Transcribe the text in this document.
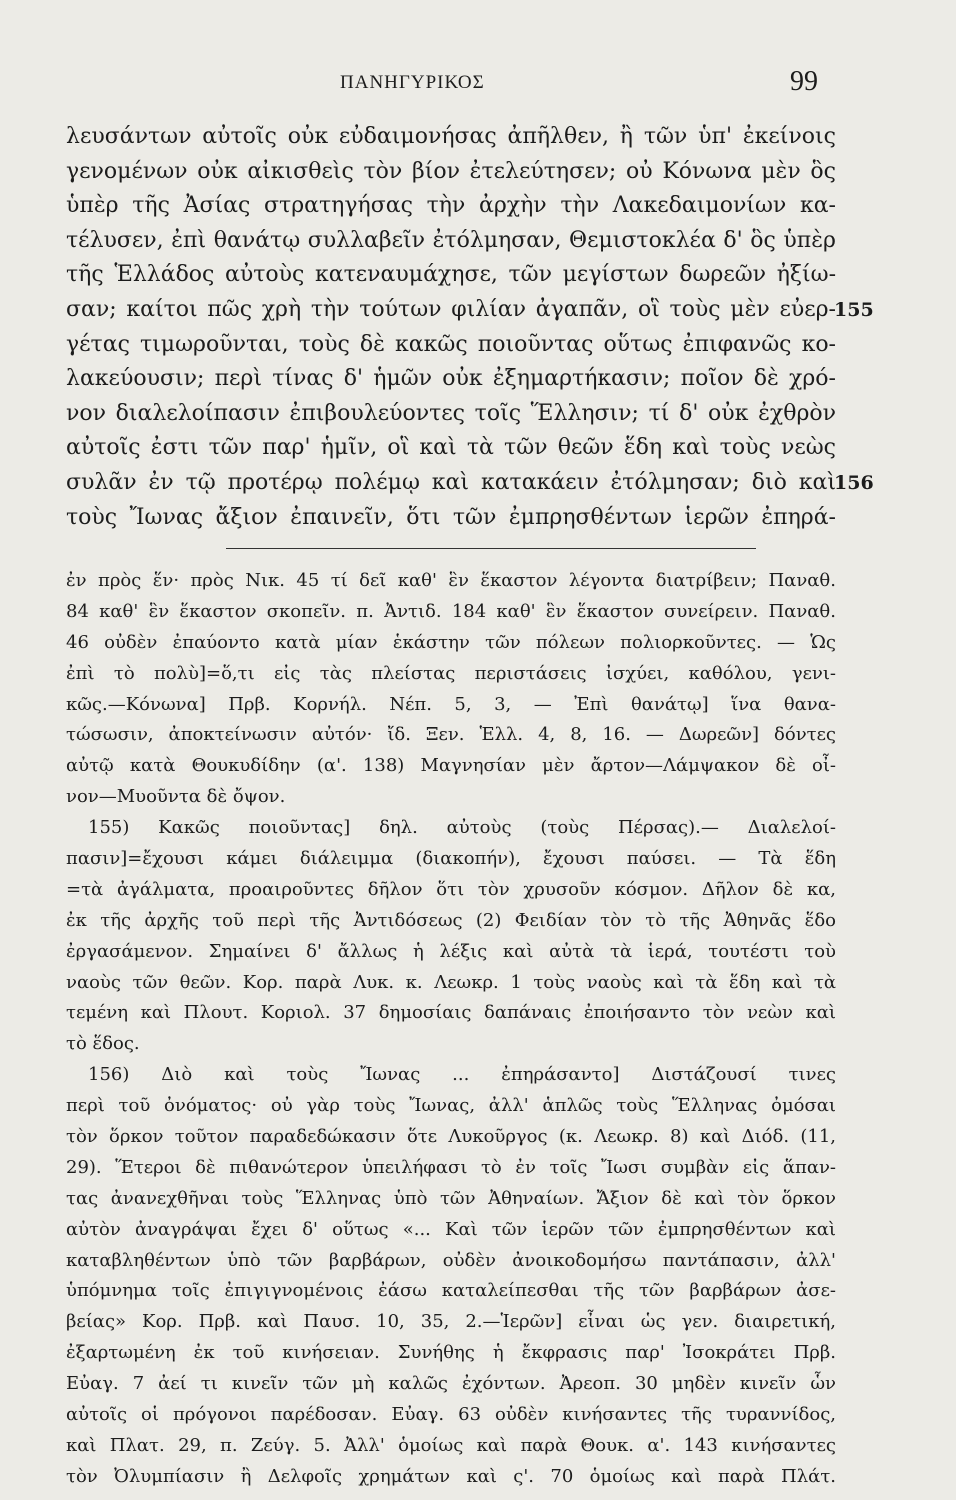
ΠΑΝΗΓΥΡΙΚΟΣ	99
λευσάντων αὐτοῖς οὐκ εὐδαιμονήσας ἀπῆλθεν, ἢ τῶν ὑπ' ἐκείνοις
γενομένων οὐκ αἰκισθεὶς τὸν βίον ἐτελεύτησεν; οὐ Κόνωνα μὲν ὃς
ὑπὲρ τῆς Ἀσίας στρατηγήσας τὴν ἀρχὴν τὴν Λακεδαιμονίων κα-
τέλυσεν, ἐπὶ θανάτῳ συλλαβεῖν ἐτόλμησαν, Θεμιστοκλέα δ' ὃς ὑπὲρ
τῆς Ἑλλάδος αὐτοὺς κατεναυμάχησε, τῶν μεγίστων δωρεῶν ἠξίω-
σαν; καίτοι πῶς χρὴ τὴν τούτων φιλίαν ἀγαπᾶν, οἳ τοὺς μὲν εὐερ-
γέτας τιμωροῦνται, τοὺς δὲ κακῶς ποιοῦντας οὕτως ἐπιφανῶς κο-
λακεύουσιν; περὶ τίνας δ' ἡμῶν οὐκ ἐξημαρτήκασιν; ποῖον δὲ χρό-
νον διαλελοίπασιν ἐπιβουλεύοντες τοῖς Ἕλλησιν; τί δ' οὐκ ἐχθρὸν
αὐτοῖς ἐστι τῶν παρ' ἡμῖν, οἳ καὶ τὰ τῶν θεῶν ἕδη καὶ τοὺς νεὼς
συλᾶν ἐν τῷ προτέρῳ πολέμῳ καὶ κατακάειν ἐτόλμησαν; διὸ καὶ
τοὺς Ἴωνας ἄξιον ἐπαινεῖν, ὅτι τῶν ἐμπρησθέντων ἱερῶν ἐπηρά-
155
156
ἐν πρὸς ἕν· πρὸς Νικ. 45 τί δεῖ καθ' ἓν ἕκαστον λέγοντα διατρίβειν; Παναθ.
84 καθ' ἓν ἕκαστον σκοπεῖν. π. Ἀντιδ. 184 καθ' ἓν ἕκαστον συνείρειν. Παναθ.
46 οὐδὲν ἐπαύοντο κατὰ μίαν ἑκάστην τῶν πόλεων πολιορκοῦντες. — Ὡς
ἐπὶ τὸ πολὺ]=ὅ,τι εἰς τὰς πλείστας περιστάσεις ἰσχύει, καθόλου, γενι-
κῶς.—Κόνωνα] Πρβ. Κορνήλ. Νέπ. 5, 3, — Ἐπὶ θανάτῳ] ἵνα θανα-
τώσωσιν, ἀποκτείνωσιν αὐτόν· ἴδ. Ξεν. Ἑλλ. 4, 8, 16. — Δωρεῶν] δόντες
αὐτῷ κατὰ Θουκυδίδην (α'. 138) Μαγνησίαν μὲν ἄρτον—Λάμψακον δὲ οἶ-
νον—Μυοῦντα δὲ ὄψον.
155) Κακῶς ποιοῦντας] δηλ. αὐτοὺς (τοὺς Πέρσας).— Διαλελοί-
πασιν]=ἔχουσι κάμει διάλειμμα (διακοπήν), ἔχουσι παύσει. — Τὰ ἕδη
=τὰ ἀγάλματα, προαιροῦντες δῆλον ὅτι τὸν χρυσοῦν κόσμον. Δῆλον δὲ κα,
ἐκ τῆς ἀρχῆς τοῦ περὶ τῆς Ἀντιδόσεως (2) Φειδίαν τὸν τὸ τῆς Ἀθηνᾶς ἕδο
ἐργασάμενον. Σημαίνει δ' ἄλλως ἡ λέξις καὶ αὐτὰ τὰ ἱερά, τουτέστι τοὺ
ναοὺς τῶν θεῶν. Κορ. παρὰ Λυκ. κ. Λεωκρ. 1 τοὺς ναοὺς καὶ τὰ ἕδη καὶ τὰ
τεμένη καὶ Πλουτ. Κοριολ. 37 δημοσίαις δαπάναις ἐποιήσαντο τὸν νεὼν καὶ
τὸ ἕδος.
156) Διὸ καὶ τοὺς Ἴωνας ... ἐπηράσαντο] Διστάζουσί τινες
περὶ τοῦ ὀνόματος· οὐ γὰρ τοὺς Ἴωνας, ἀλλ' ἁπλῶς τοὺς Ἕλληνας ὀμόσαι
τὸν ὅρκον τοῦτον παραδεδώκασιν ὅτε Λυκοῦργος (κ. Λεωκρ. 8) καὶ Διόδ. (11,
29). Ἕτεροι δὲ πιθανώτερον ὑπειλήφασι τὸ ἐν τοῖς Ἴωσι συμβὰν εἰς ἅπαν-
τας ἀνανεχθῆναι τοὺς Ἕλληνας ὑπὸ τῶν Ἀθηναίων. Ἄξιον δὲ καὶ τὸν ὅρκον
αὐτὸν ἀναγράψαι ἔχει δ' οὕτως «... Καὶ τῶν ἱερῶν τῶν ἐμπρησθέντων καὶ
καταβληθέντων ὑπὸ τῶν βαρβάρων, οὐδὲν ἀνοικοδομήσω παντάπασιν, ἀλλ'
ὑπόμνημα τοῖς ἐπιγιγνομένοις ἐάσω καταλείπεσθαι τῆς τῶν βαρβάρων ἀσε-
βείας» Κορ. Πρβ. καὶ Παυσ. 10, 35, 2.—Ἱερῶν] εἶναι ὡς γεν. διαιρετική,
ἐξαρτωμένη ἐκ τοῦ κινήσειαν. Συνήθης ἡ ἔκφρασις παρ' Ἰσοκράτει Πρβ.
Εὐαγ. 7 ἀεί τι κινεῖν τῶν μὴ καλῶς ἐχόντων. Ἀρεοπ. 30 μηδὲν κινεῖν ὧν
αὐτοῖς οἱ πρόγονοι παρέδοσαν. Εὐαγ. 63 οὐδὲν κινήσαντες τῆς τυραννίδος,
καὶ Πλατ. 29, π. Ζεύγ. 5. Ἀλλ' ὁμοίως καὶ παρὰ Θουκ. α'. 143 κινήσαντες
τὸν Ὀλυμπίασιν ἢ Δελφοῖς χρημάτων καὶ ς'. 70 ὁμοίως καὶ παρὰ Πλάτ.
